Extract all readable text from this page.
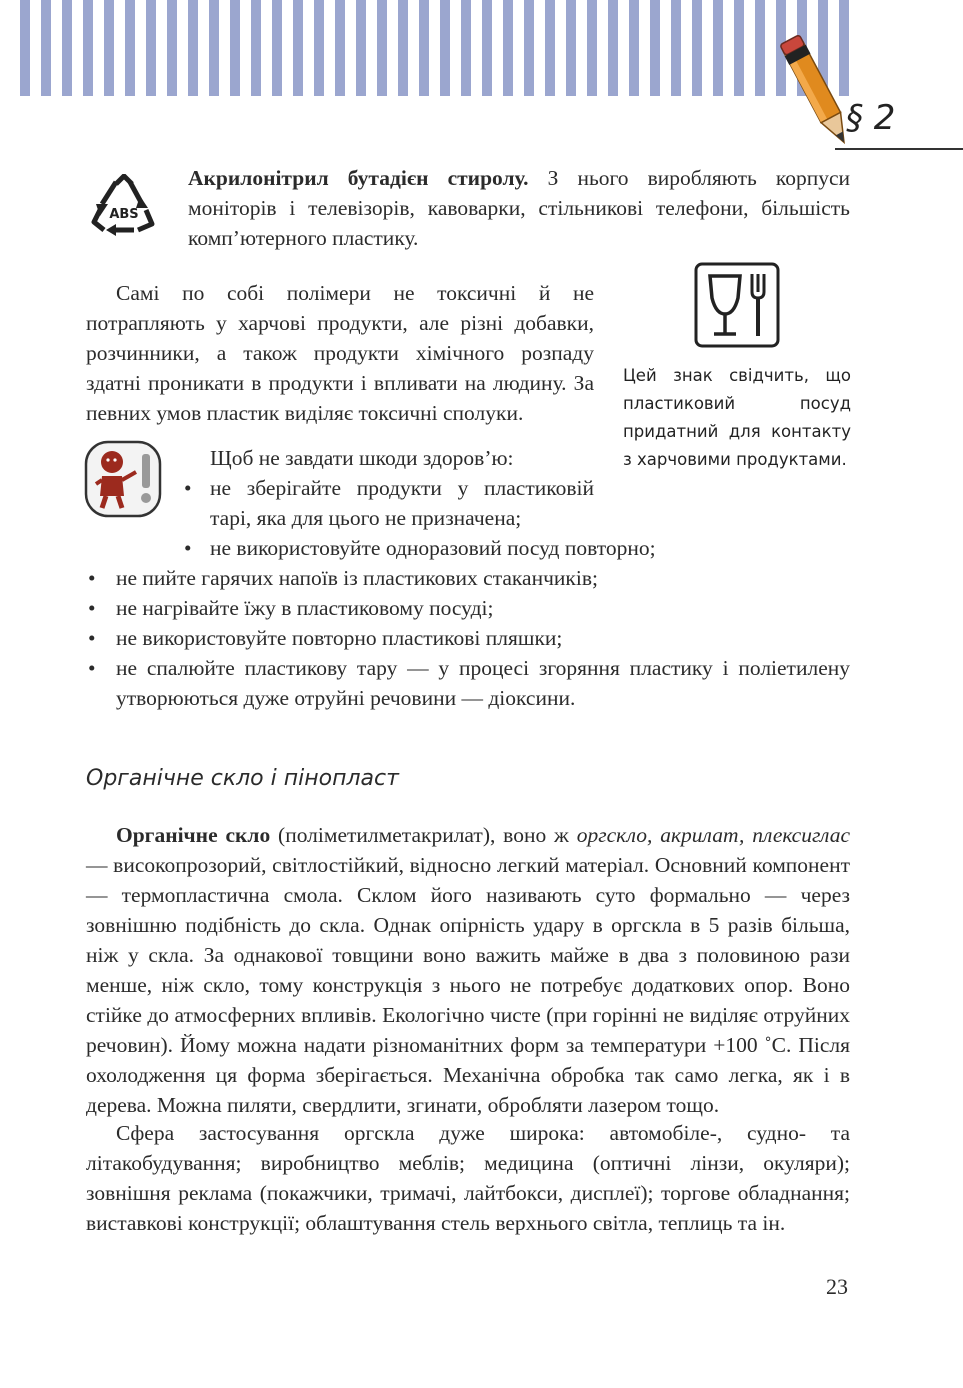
§ 2
ABS

Акрилонітрил бутадієн стиролу. З нього виробляють корпуси моніторів і телевізорів, кавоварки, стільникові телефони, більшість комп’ютерного пластику.

Самі по собі полімери не токсичні й не потрапляють у харчові продукти, але різні добавки, розчинники, а також продукти хімічного розпаду здатні проникати в продукти і впливати на людину. За певних умов пластик виділяє токсичні сполуки.

Цей знак свідчить, що пластиковий посуд придатний для контакту з харчовими продуктами.

Щоб не завдати шкоди здоров’ю:
• не зберігайте продукти у пластиковій тарі, яка для цього не призначена;
• не використовуйте одноразовий посуд повторно;
• не пийте гарячих напоїв із пластикових стаканчиків;
• не нагрівайте їжу в пластиковому посуді;
• не використовуйте повторно пластикові пляшки;
• не спалюйте пластикову тару — у процесі згоряння пластику і поліетилену утворюються дуже отруйні речовини — діоксини.
Органічне скло і пінопласт

Органічне скло (поліметилметакрилат), воно ж оргскло, акрилат, плексиглас — високопрозорий, світлостійкий, відносно легкий матеріал. Основний компонент — термопластична смола. Склом його називають суто формально — через зовнішню подібність до скла. Однак опірність удару в оргскла в 5 разів більша, ніж у скла. За однакової товщини воно важить майже в два з половиною рази менше, ніж скло, тому конструкція з нього не потребує додаткових опор. Воно стійке до атмосферних впливів. Екологічно чисте (при горінні не виділяє отруйних речовин). Йому можна надати різноманітних форм за температури +100 ˚С. Після охолодження ця форма зберігається. Механічна обробка так само легка, як і в дерева. Можна пиляти, свердлити, згинати, обробляти лазером тощо.

Сфера застосування оргскла дуже широка: автомобіле-, судно- та літакобудування; виробництво меблів; медицина (оптичні лінзи, окуляри); зовнішня реклама (покажчики, тримачі, лайтбокси, дисплеї); торгове обладнання; виставкові конструкції; облаштування стель верхнього світла, теплиць та ін.

23
